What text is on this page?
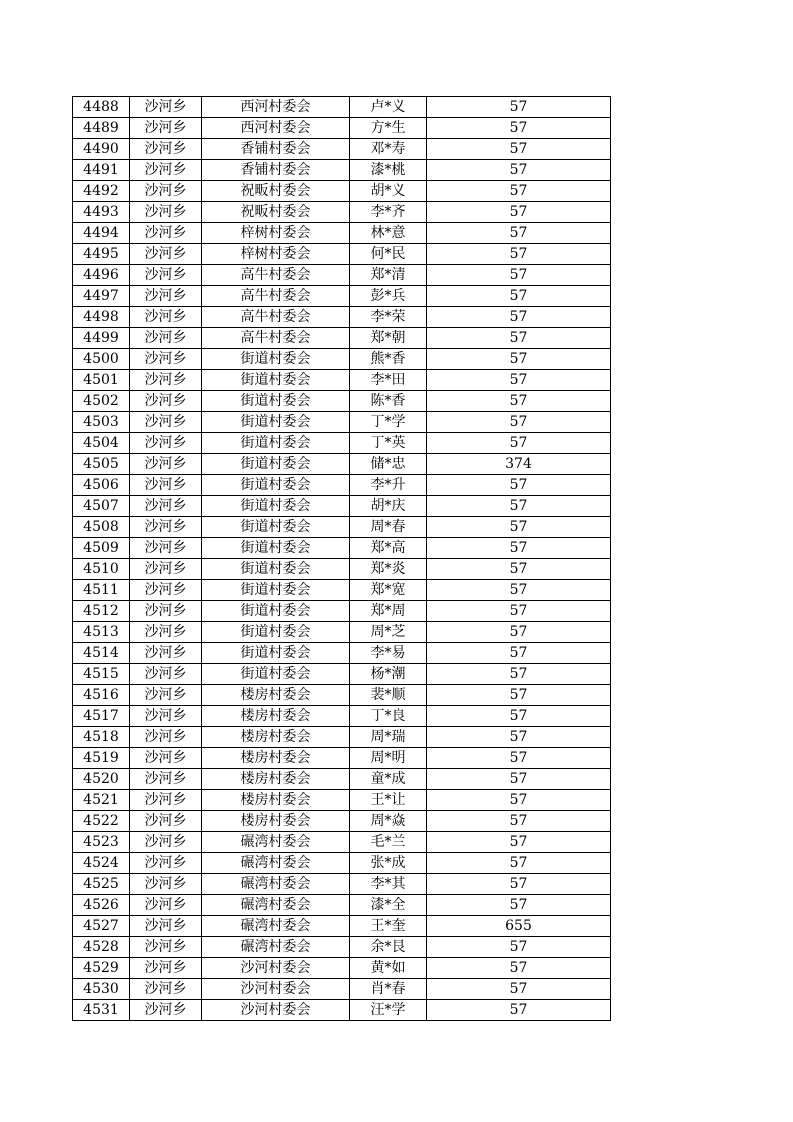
4488	沙河乡	西河村委会	卢*义	57
4489	沙河乡	西河村委会	方*生	57
4490	沙河乡	香铺村委会	邓*寿	57
4491	沙河乡	香铺村委会	漆*桃	57
4492	沙河乡	祝畈村委会	胡*义	57
4493	沙河乡	祝畈村委会	李*齐	57
4494	沙河乡	梓树村委会	林*意	57
4495	沙河乡	梓树村委会	何*民	57
4496	沙河乡	高牛村委会	郑*清	57
4497	沙河乡	高牛村委会	彭*兵	57
4498	沙河乡	高牛村委会	李*荣	57
4499	沙河乡	高牛村委会	郑*朝	57
4500	沙河乡	街道村委会	熊*香	57
4501	沙河乡	街道村委会	李*田	57
4502	沙河乡	街道村委会	陈*香	57
4503	沙河乡	街道村委会	丁*学	57
4504	沙河乡	街道村委会	丁*英	57
4505	沙河乡	街道村委会	储*忠	374
4506	沙河乡	街道村委会	李*升	57
4507	沙河乡	街道村委会	胡*庆	57
4508	沙河乡	街道村委会	周*春	57
4509	沙河乡	街道村委会	郑*高	57
4510	沙河乡	街道村委会	郑*炎	57
4511	沙河乡	街道村委会	郑*宽	57
4512	沙河乡	街道村委会	郑*周	57
4513	沙河乡	街道村委会	周*芝	57
4514	沙河乡	街道村委会	李*易	57
4515	沙河乡	街道村委会	杨*潮	57
4516	沙河乡	楼房村委会	裴*顺	57
4517	沙河乡	楼房村委会	丁*良	57
4518	沙河乡	楼房村委会	周*瑞	57
4519	沙河乡	楼房村委会	周*明	57
4520	沙河乡	楼房村委会	童*成	57
4521	沙河乡	楼房村委会	王*让	57
4522	沙河乡	楼房村委会	周*焱	57
4523	沙河乡	碾湾村委会	毛*兰	57
4524	沙河乡	碾湾村委会	张*成	57
4525	沙河乡	碾湾村委会	李*其	57
4526	沙河乡	碾湾村委会	漆*全	57
4527	沙河乡	碾湾村委会	王*奎	655
4528	沙河乡	碾湾村委会	余*艮	57
4529	沙河乡	沙河村委会	黄*如	57
4530	沙河乡	沙河村委会	肖*春	57
4531	沙河乡	沙河村委会	汪*学	57
